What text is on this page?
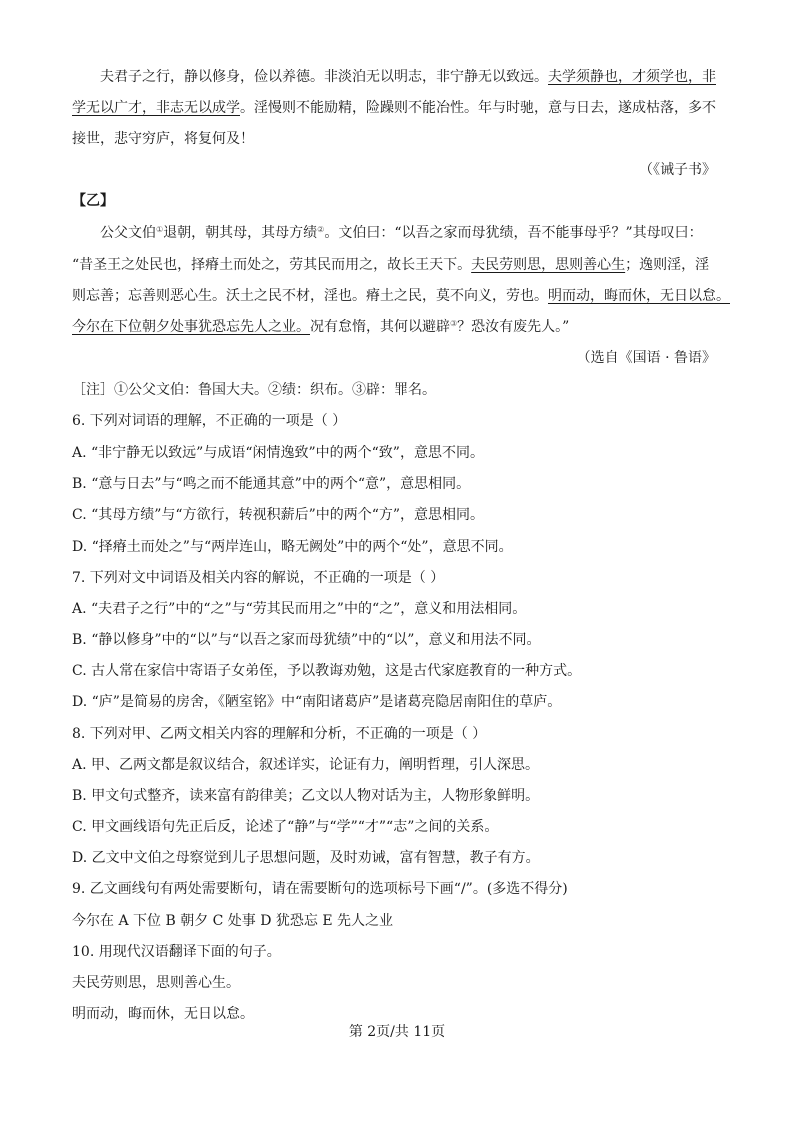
夫君子之行，静以修身，俭以养德。非淡泊无以明志，非宁静无以致远。夫学须静也，才须学也，非
学无以广才，非志无以成学。淫慢则不能励精，险躁则不能冶性。年与时驰，意与日去，遂成枯落，多不
接世，悲守穷庐，将复何及！
（《诫子书》
【乙】
公父文伯①退朝，朝其母，其母方绩②。文伯曰：“以吾之家而母犹绩，吾不能事母乎？”其母叹曰：
“昔圣王之处民也，择瘠土而处之，劳其民而用之，故长王天下。夫民劳则思，思则善心生；逸则淫，淫
则忘善；忘善则恶心生。沃土之民不材，淫也。瘠土之民，莫不向义，劳也。明而动，晦而休，无日以怠。
今尔在下位朝夕处事犹恐忘先人之业。况有怠惰，其何以避辟③？恐汝有废先人。”
（选自《国语 · 鲁语》
［注］①公父文伯：鲁国大夫。②绩：织布。③辟：罪名。
6. 下列对词语的理解，不正确的一项是（ ）
A. “非宁静无以致远”与成语“闲情逸致”中的两个“致”，意思不同。
B. “意与日去”与“鸣之而不能通其意”中的两个“意”，意思相同。
C. “其母方绩”与“方欲行，转视积薪后”中的两个“方”，意思相同。
D. “择瘠土而处之”与“两岸连山，略无阙处”中的两个“处”，意思不同。
7. 下列对文中词语及相关内容的解说，不正确的一项是（ ）
A. “夫君子之行”中的“之”与“劳其民而用之”中的“之”，意义和用法相同。
B. “静以修身”中的“以”与“以吾之家而母犹绩”中的“以”，意义和用法不同。
C. 古人常在家信中寄语子女弟侄，予以教诲劝勉，这是古代家庭教育的一种方式。
D. “庐”是简易的房舍，《陋室铭》中“南阳诸葛庐”是诸葛亮隐居南阳住的草庐。
8. 下列对甲、乙两文相关内容的理解和分析，不正确的一项是（ ）
A. 甲、乙两文都是叙议结合，叙述详实，论证有力，阐明哲理，引人深思。
B. 甲文句式整齐，读来富有韵律美；乙文以人物对话为主，人物形象鲜明。
C. 甲文画线语句先正后反，论述了“静”与“学”“才”“志”之间的关系。
D. 乙文中文伯之母察觉到儿子思想问题，及时劝诫，富有智慧，教子有方。
9. 乙文画线句有两处需要断句，请在需要断句的选项标号下画“/”。(多选不得分)
今尔在 A 下位 B 朝夕 C 处事 D 犹恐忘 E 先人之业
10. 用现代汉语翻译下面的句子。
夫民劳则思，思则善心生。
明而动，晦而休，无日以怠。
第 2页/共 11页
